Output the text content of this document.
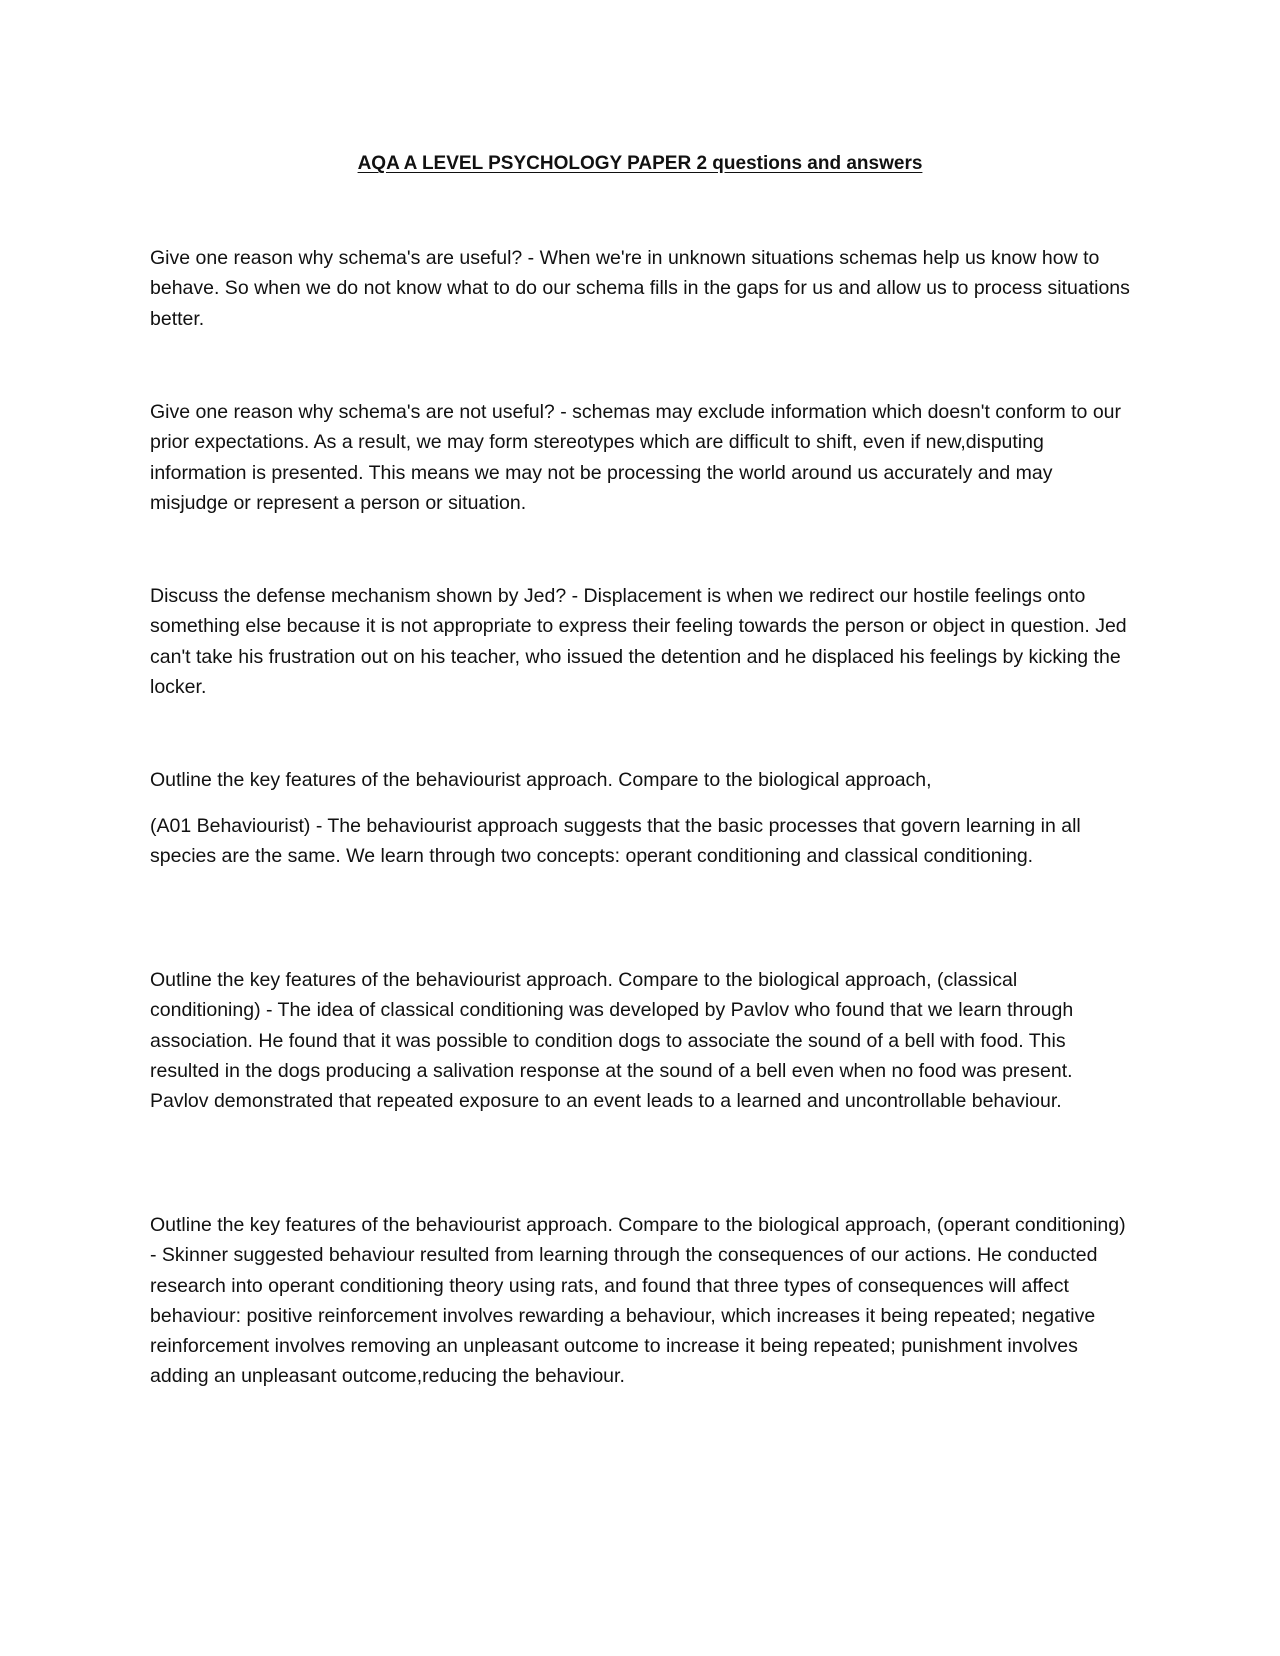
AQA A LEVEL PSYCHOLOGY PAPER 2 questions and answers

Give one reason why schema's are useful? - When we're in unknown situations schemas help us know how to behave. So when we do not know what to do our schema fills in the gaps for us and allow us to process situations better.

Give one reason why schema's are not useful? - schemas may exclude information which doesn't conform to our prior expectations. As a result, we may form stereotypes which are difficult to shift, even if new,disputing information is presented. This means we may not be processing the world around us accurately and may misjudge or represent a person or situation.

Discuss the defense mechanism shown by Jed? - Displacement is when we redirect our hostile feelings onto something else because it is not appropriate to express their feeling towards the person or object in question. Jed can't take his frustration out on his teacher, who issued the detention and he displaced his feelings by kicking the locker.

Outline the key features of the behaviourist approach. Compare to the biological approach,

(A01 Behaviourist) - The behaviourist approach suggests that the basic processes that govern learning in all species are the same. We learn through two concepts: operant conditioning and classical conditioning.

Outline the key features of the behaviourist approach. Compare to the biological approach, (classical conditioning) - The idea of classical conditioning was developed by Pavlov who found that we learn through association. He found that it was possible to condition dogs to associate the sound of a bell with food. This resulted in the dogs producing a salivation response at the sound of a bell even when no food was present. Pavlov demonstrated that repeated exposure to an event leads to a learned and uncontrollable behaviour.

Outline the key features of the behaviourist approach. Compare to the biological approach, (operant conditioning) - Skinner suggested behaviour resulted from learning through the consequences of our actions. He conducted research into operant conditioning theory using rats, and found that three types of consequences will affect behaviour: positive reinforcement involves rewarding a behaviour, which increases it being repeated; negative reinforcement involves removing an unpleasant outcome to increase it being repeated; punishment involves adding an unpleasant outcome,reducing the behaviour.
